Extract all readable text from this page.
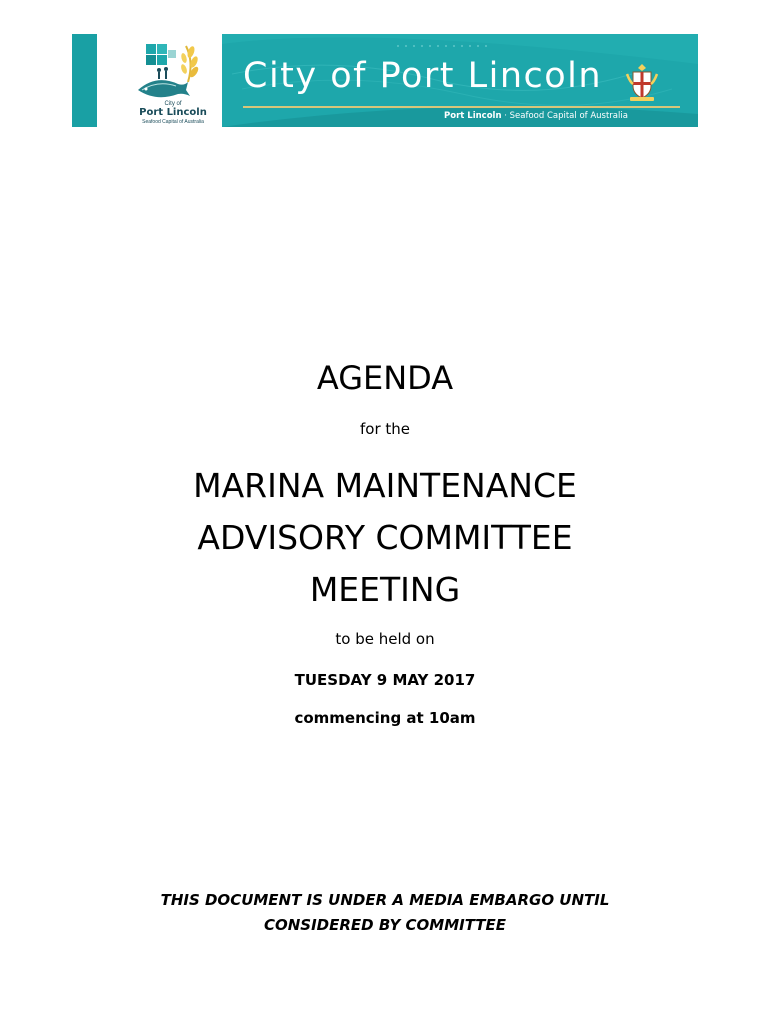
City of
Port Lincoln
Seafood Capital of Australia
City of Port Lincoln
Port Lincoln · Seafood Capital of Australia
AGENDA
for the
MARINA MAINTENANCE
ADVISORY COMMITTEE
MEETING
to be held on
TUESDAY 9 MAY 2017
commencing at 10am
THIS DOCUMENT IS UNDER A MEDIA EMBARGO UNTIL
CONSIDERED BY COMMITTEE
